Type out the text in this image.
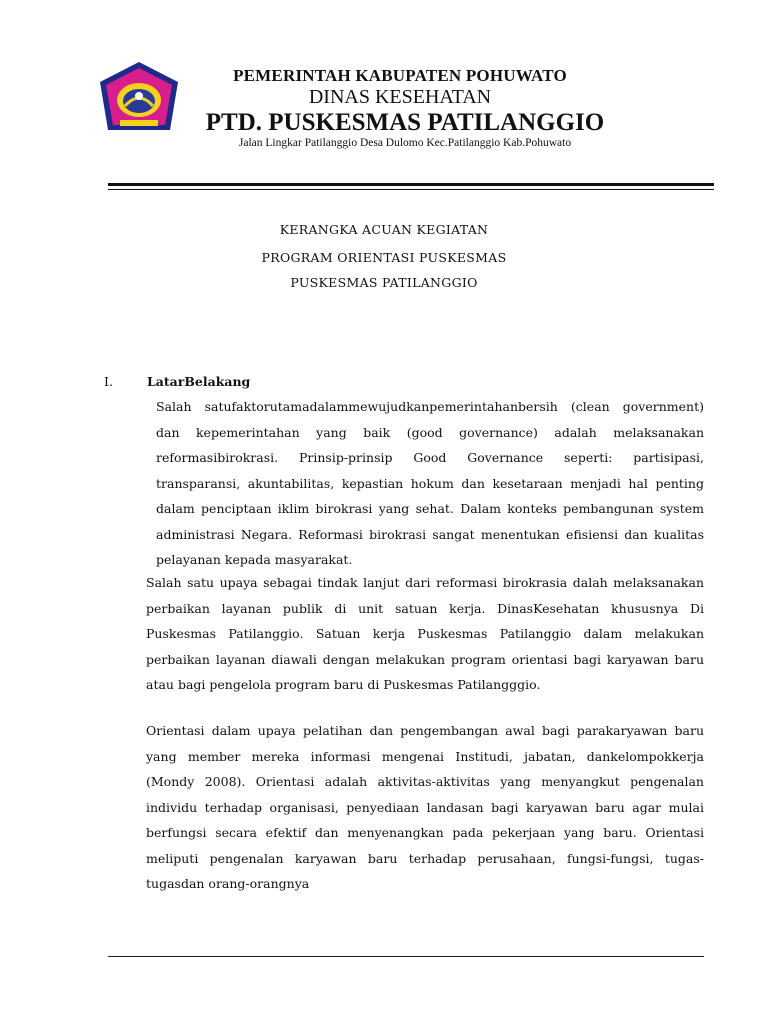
PEMERINTAH KABUPATEN POHUWATO
DINAS KESEHATAN
PTD. PUSKESMAS PATILANGGIO
Jalan Lingkar Patilanggio Desa Dulomo Kec.Patilanggio Kab.Pohuwato
KERANGKA ACUAN KEGIATAN
PROGRAM ORIENTASI PUSKESMAS
PUSKESMAS PATILANGGIO
I.	LatarBelakang

Salah satufaktorutamadalammewujudkanpemerintahanbersih (clean government) dan kepemerintahan yang baik (good governance) adalah melaksanakan reformasibirokrasi. Prinsip-prinsip Good Governance seperti: partisipasi, transparansi, akuntabilitas, kepastian hokum dan kesetaraan menjadi hal penting dalam penciptaan iklim birokrasi yang sehat. Dalam konteks pembangunan system administrasi Negara. Reformasi birokrasi sangat menentukan efisiensi dan kualitas pelayanan kepada masyarakat.

Salah satu upaya sebagai tindak lanjut dari reformasi birokrasia dalah melaksanakan perbaikan layanan publik di unit satuan kerja. DinasKesehatan khususnya Di Puskesmas Patilanggio. Satuan kerja Puskesmas Patilanggio dalam melakukan perbaikan layanan diawali dengan melakukan program orientasi bagi karyawan baru atau bagi pengelola program baru di Puskesmas Patilangggio.

Orientasi dalam upaya pelatihan dan pengembangan awal bagi parakaryawan baru yang member mereka informasi mengenai Institudi, jabatan, dankelompokkerja (Mondy 2008). Orientasi adalah aktivitas-aktivitas yang menyangkut pengenalan individu terhadap organisasi, penyediaan landasan bagi karyawan baru agar mulai berfungsi secara efektif dan menyenangkan pada pekerjaan yang baru. Orientasi meliputi pengenalan karyawan baru terhadap perusahaan, fungsi-fungsi, tugas-tugasdan orang-orangnya
